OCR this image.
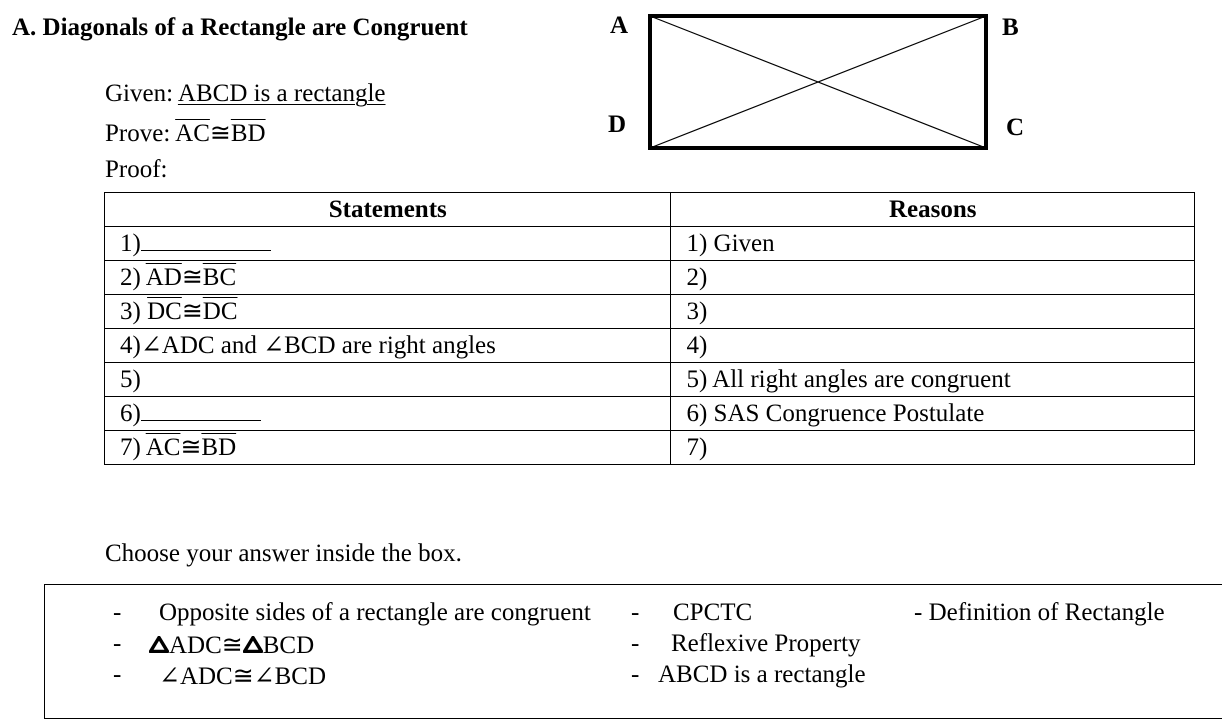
A. Diagonals of a Rectangle are Congruent
Given: ABCD is a rectangle
Prove: $\overline{AC}≅\overline{BD}$
Proof:
A	B
C
D
Statements	Reasons
1)	1) Given
2) $\overline{AD}≅\overline{BC}$	2)
3) $\overline{DC}≅\overline{DC}$	3)
4)∠ADC and ∠BCD are right angles	4)
5)	5) All right angles are congruent
6)	6) SAS Congruence Postulate
7) $\overline{AC}≅\overline{BD}$	7)
Choose your answer inside the box.
- Opposite sides of a rectangle are congruent
-	ADC≅ BCD
- ∠ADC≅∠BCD
- CPCTC
- Reflexive Property
- ABCD is a rectangle
- Definition of Rectangle
